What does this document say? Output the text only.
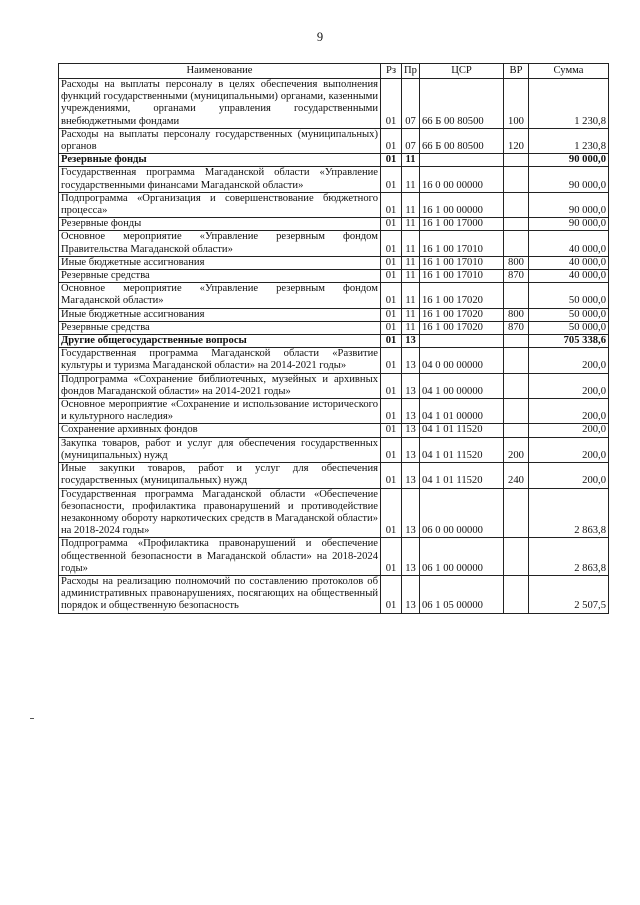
9
Наименование	Рз	Пр	ЦСР	ВР	Сумма
Расходы на выплаты персоналу в целях обеспечения выполнения функций государственными (муниципальными) органами, казенными учреждениями, органами управления государственными внебюджетными фондами	01	07	66 Б 00 80500	100	1 230,8
Расходы на выплаты персоналу государственных (муниципальных) органов	01	07	66 Б 00 80500	120	1 230,8
Резервные фонды	01	11			90 000,0
Государственная программа Магаданской области «Управление государственными финансами Магаданской области»	01	11	16 0 00 00000		90 000,0
Подпрограмма «Организация и совершенствование бюджетного процесса»	01	11	16 1 00 00000		90 000,0
Резервные фонды	01	11	16 1 00 17000		90 000,0
Основное мероприятие «Управление резервным фондом Правительства Магаданской области»	01	11	16 1 00 17010		40 000,0
Иные бюджетные ассигнования	01	11	16 1 00 17010	800	40 000,0
Резервные средства	01	11	16 1 00 17010	870	40 000,0
Основное мероприятие «Управление резервным фондом Магаданской области»	01	11	16 1 00 17020		50 000,0
Иные бюджетные ассигнования	01	11	16 1 00 17020	800	50 000,0
Резервные средства	01	11	16 1 00 17020	870	50 000,0
Другие общегосударственные вопросы	01	13			705 338,6
Государственная программа Магаданской области «Развитие культуры и туризма Магаданской области» на 2014-2021 годы»	01	13	04 0 00 00000		200,0
Подпрограмма «Сохранение библиотечных, музейных и архивных фондов Магаданской области» на 2014-2021 годы»	01	13	04 1 00 00000		200,0
Основное мероприятие «Сохранение и использование исторического и культурного наследия»	01	13	04 1 01 00000		200,0
Сохранение архивных фондов	01	13	04 1 01 11520		200,0
Закупка товаров, работ и услуг для обеспечения государственных (муниципальных) нужд	01	13	04 1 01 11520	200	200,0
Иные закупки товаров, работ и услуг для обеспечения государственных (муниципальных) нужд	01	13	04 1 01 11520	240	200,0
Государственная программа Магаданской области «Обеспечение безопасности, профилактика правонарушений и противодействие незаконному обороту наркотических средств в Магаданской области» на 2018-2024 годы»	01	13	06 0 00 00000		2 863,8
Подпрограмма «Профилактика правонарушений и обеспечение общественной безопасности в Магаданской области» на 2018-2024 годы»	01	13	06 1 00 00000		2 863,8
Расходы на реализацию полномочий по составлению протоколов об административных правонарушениях, посягающих на общественный порядок и общественную безопасность	01	13	06 1 05 00000		2 507,5
